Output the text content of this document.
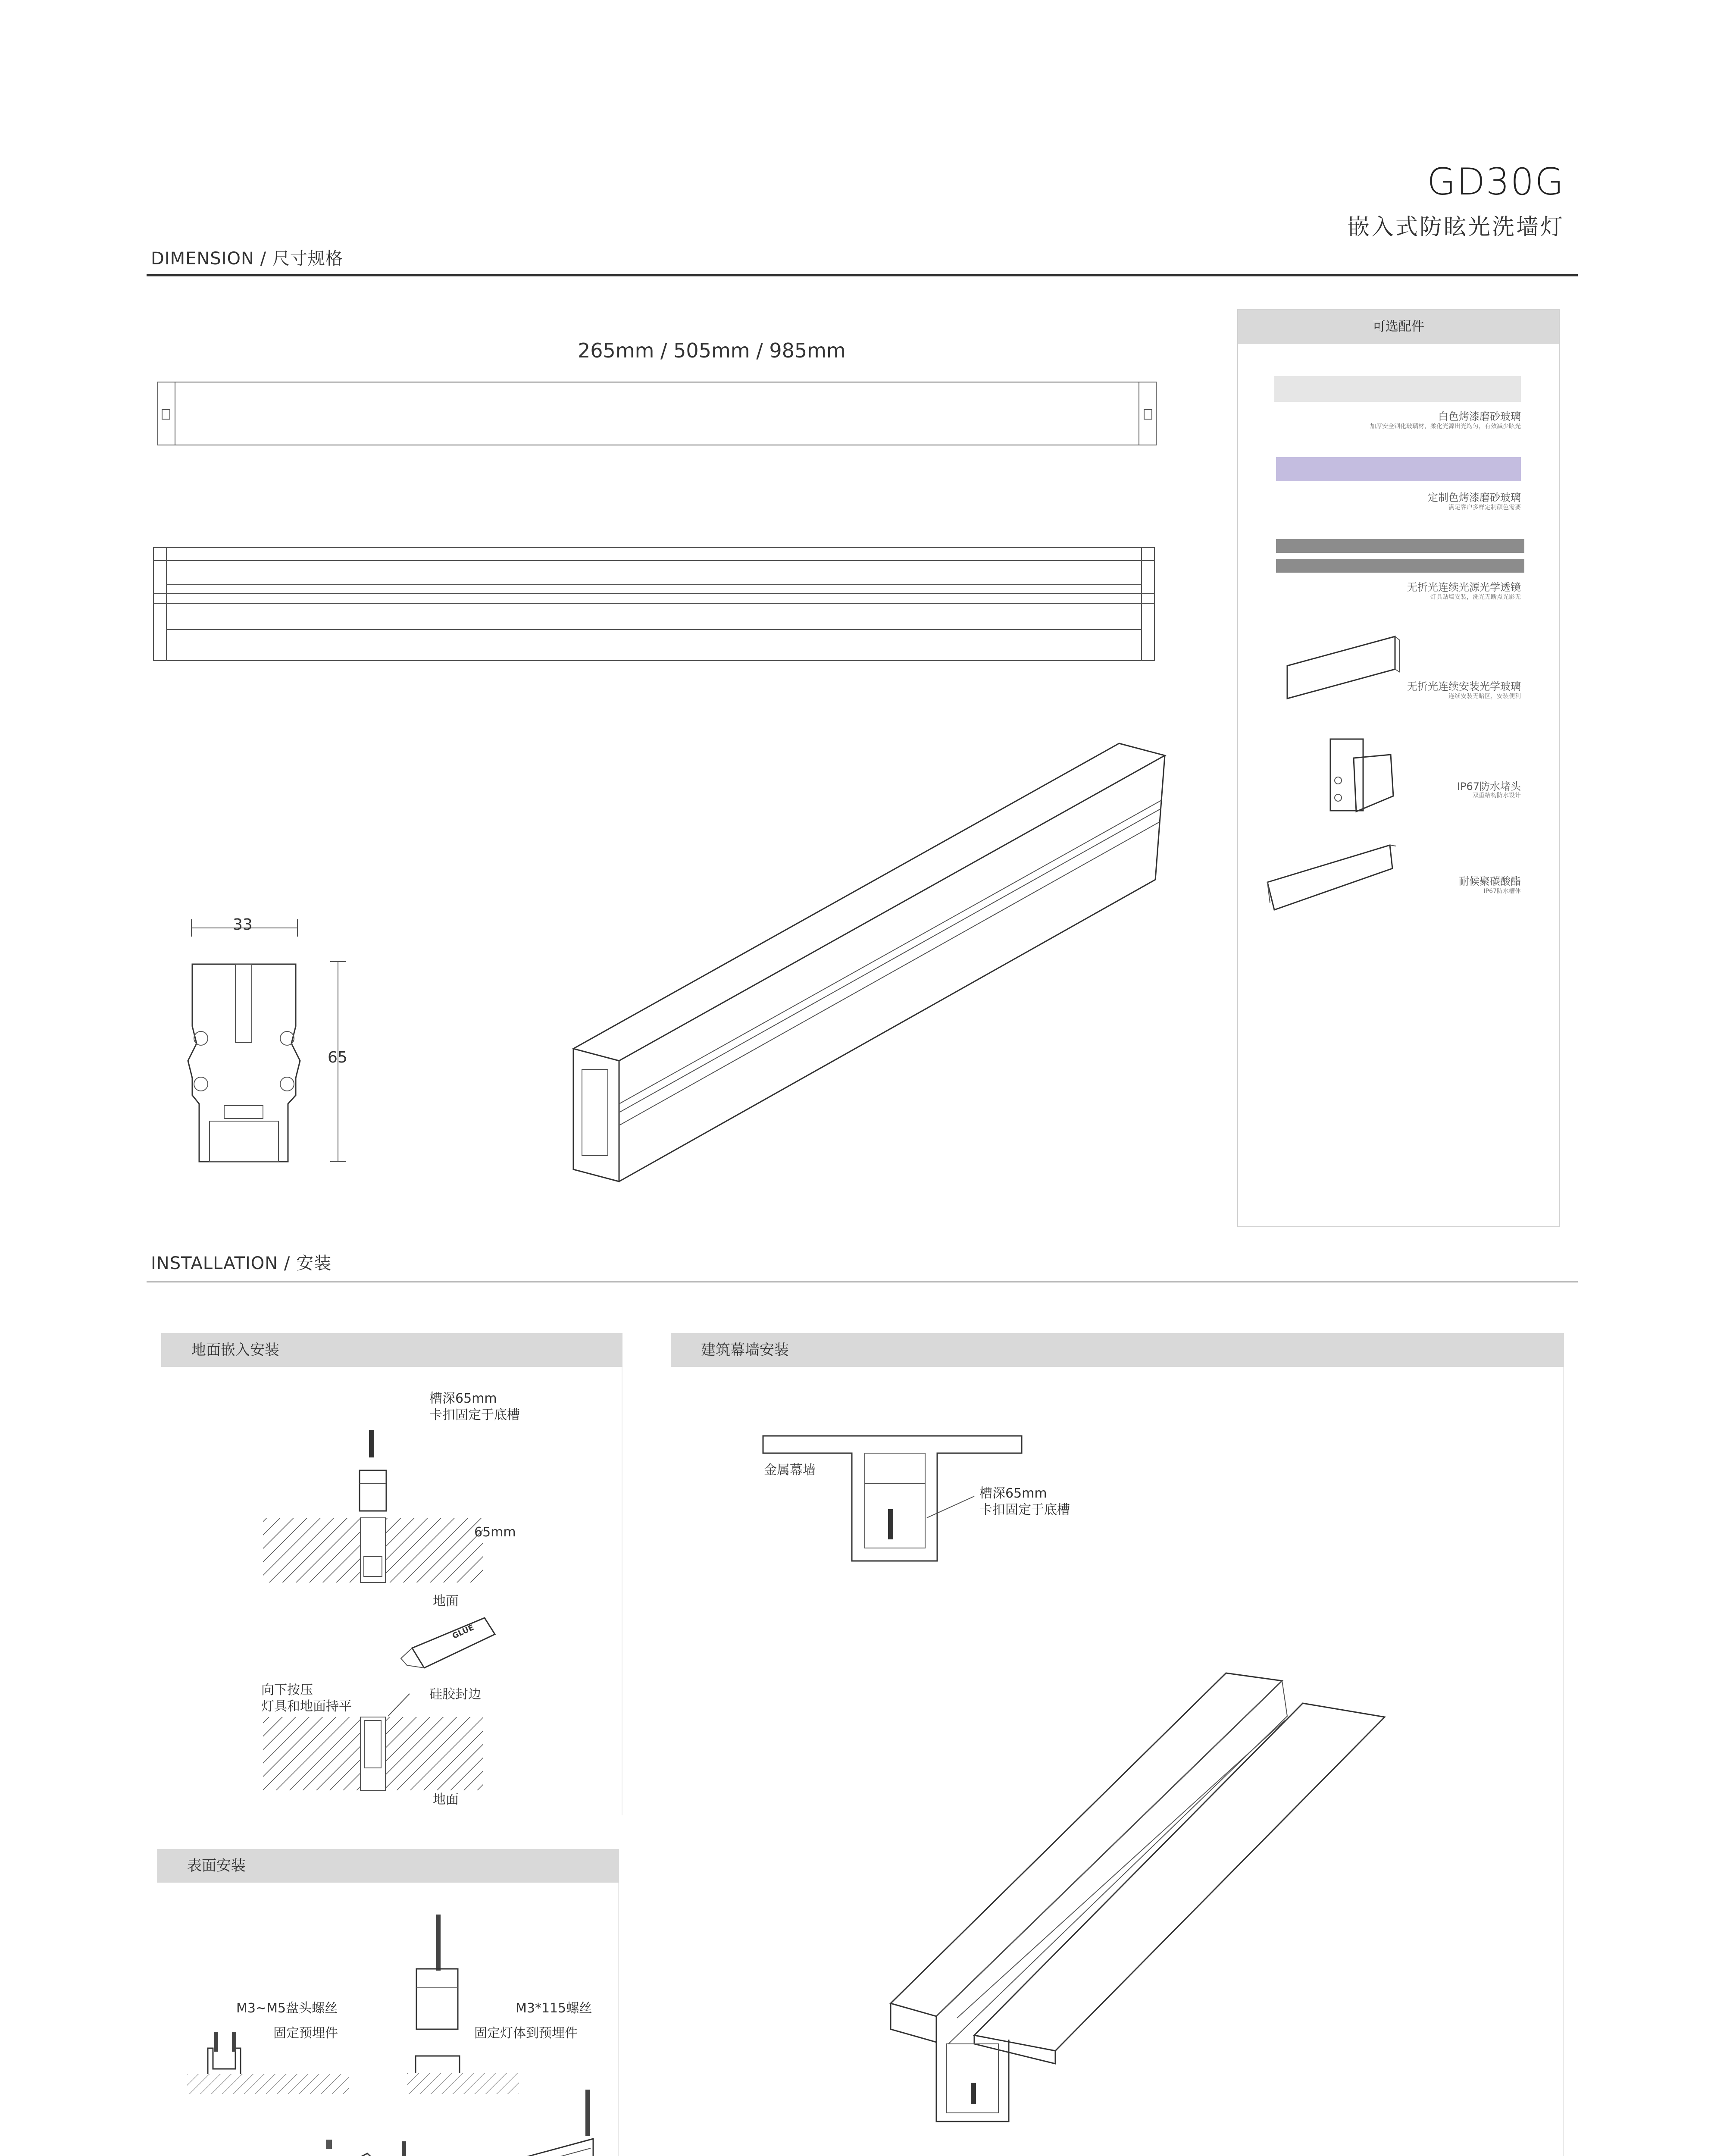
GD30G
嵌入式防眩光洗墙灯
DIMENSION / 尺寸规格
265mm / 505mm / 985mm
33
65
可选配件
白色烤漆磨砂玻璃
加厚安全钢化玻璃材，柔化光源出光均匀，有效减少眩光
定制色烤漆磨砂玻璃
满足客户多样定制颜色需要
无折光连续光源光学透镜
灯具贴墙安装，洗光无断点光影无
无折光连续安装光学玻璃
连续安装无暗区，安装便利
IP67防水堵头
双重结构防水设计
耐候聚碳酸酯
IP67防水槽体
INSTALLATION / 安装
地面嵌入安装
槽深65mm
卡扣固定于底槽
65mm
地面
GLUE
向下按压
灯具和地面持平
硅胶封边
地面
表面安装
M3~M5盘头螺丝
固定预埋件
M3*115螺丝
固定灯体到预埋件
建筑幕墙安装
金属幕墙
槽深65mm
卡扣固定于底槽
